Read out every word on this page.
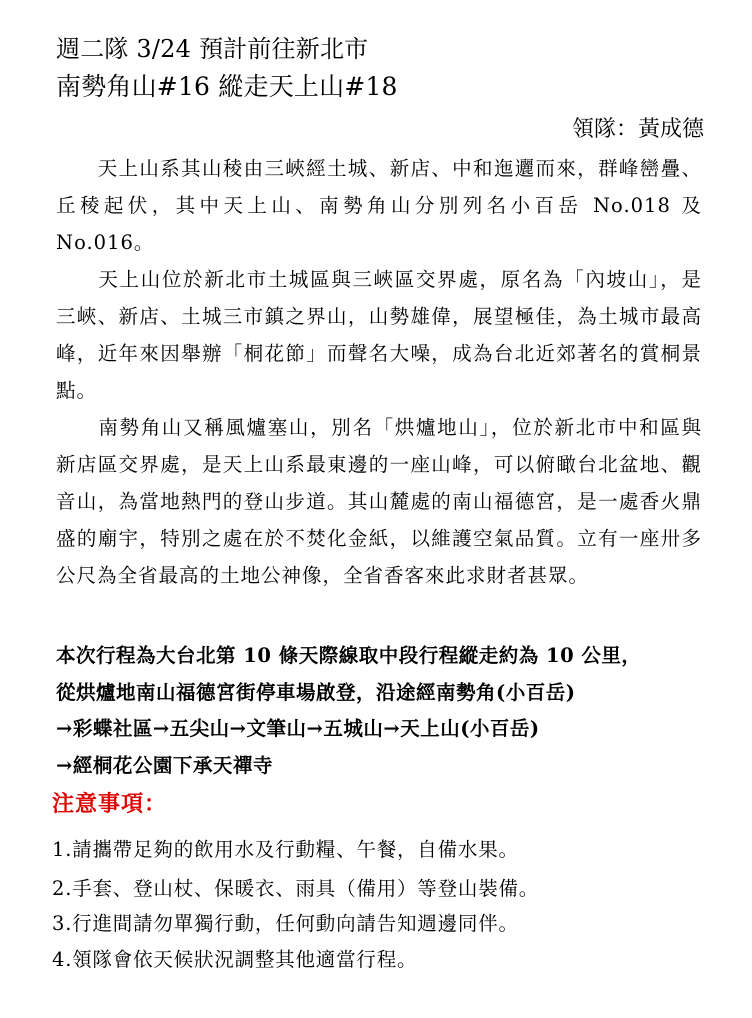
週二隊 3/24 預計前往新北市
南勢角山#16 縱走天上山#18
領隊：黃成德

　　天上山系其山稜由三峽經土城、新店、中和迤邐而來，群峰巒疊、丘稜起伏，其中天上山、南勢角山分別列名小百岳 No.018 及 No.016。

　　天上山位於新北市土城區與三峽區交界處，原名為「內坡山」，是三峽、新店、土城三市鎮之界山，山勢雄偉，展望極佳，為土城市最高峰，近年來因舉辦「桐花節」而聲名大噪，成為台北近郊著名的賞桐景點。

　　南勢角山又稱風爐塞山，別名「烘爐地山」，位於新北市中和區與新店區交界處，是天上山系最東邊的一座山峰，可以俯瞰台北盆地、觀音山，為當地熱門的登山步道。其山麓處的南山福德宮，是一處香火鼎盛的廟宇，特別之處在於不焚化金紙，以維護空氣品質。立有一座卅多公尺為全省最高的土地公神像，全省香客來此求財者甚眾。

本次行程為大台北第 10 條天際線取中段行程縱走約為 10 公里，
從烘爐地南山福德宮街停車場啟登，沿途經南勢角(小百岳)
→彩蝶社區→五尖山→文筆山→五城山→天上山(小百岳)
→經桐花公園下承天禪寺
注意事項：
1.請攜帶足夠的飲用水及行動糧、午餐，自備水果。
2.手套、登山杖、保暖衣、雨具（備用）等登山裝備。
3.行進間請勿單獨行動，任何動向請告知週邊同伴。
4.領隊會依天候狀況調整其他適當行程。
